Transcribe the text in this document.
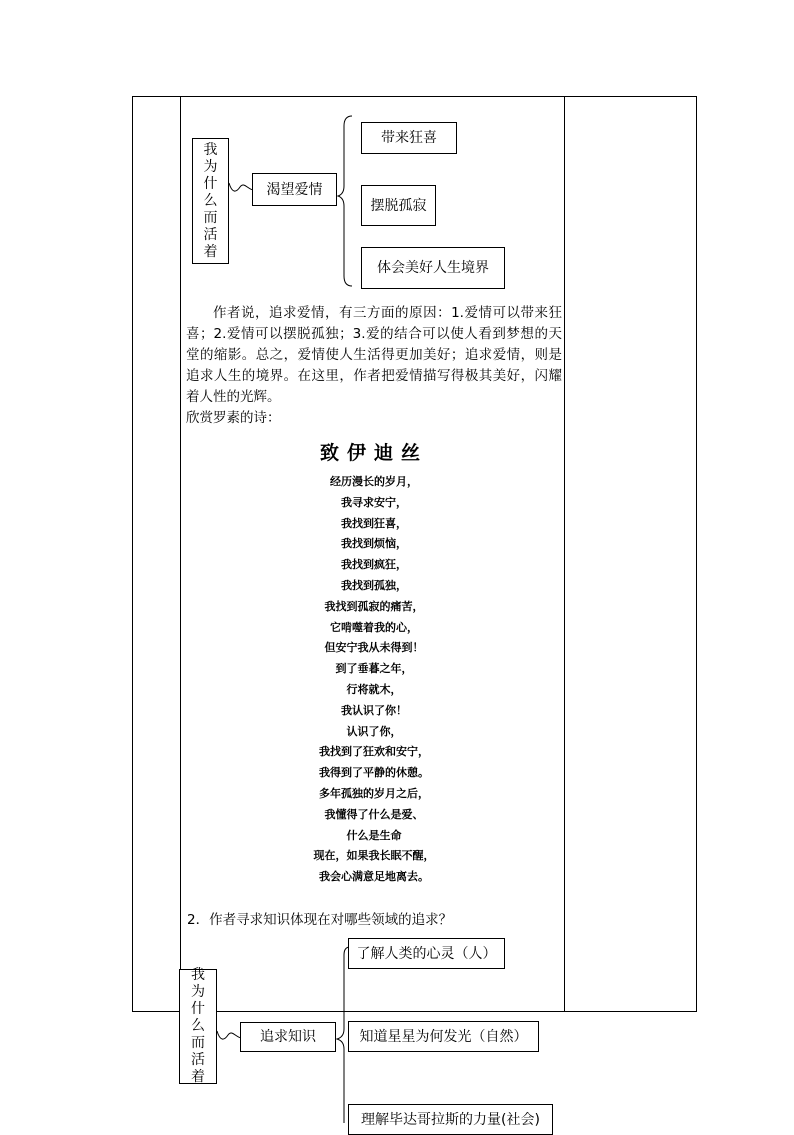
我
为
什
么
而
活
着
渴望爱情
带来狂喜
摆脱孤寂
体会美好人生境界
作者说，追求爱情，有三方面的原因：1.爱情可以带来狂喜；2.爱情可以摆脱孤独；3.爱的结合可以使人看到梦想的天堂的缩影。总之，爱情使人生活得更加美好；追求爱情，则是追求人生的境界。在这里，作者把爱情描写得极其美好，闪耀着人性的光辉。
欣赏罗素的诗：
致伊迪丝
经历漫长的岁月，
我寻求安宁，
我找到狂喜，
我找到烦恼，
我找到疯狂，
我找到孤独，
我找到孤寂的痛苦，
它啃噬着我的心，
但安宁我从未得到！
到了垂暮之年，
行将就木，
我认识了你！
认识了你，
我找到了狂欢和安宁，
我得到了平静的休憩。
多年孤独的岁月之后，
我懂得了什么是爱、
什么是生命
现在，如果我长眠不醒，
我会心满意足地离去。
2．作者寻求知识体现在对哪些领域的追求？
我
为
什
么
而
活
着
追求知识
了解人类的心灵（人）
知道星星为何发光（自然）
理解毕达哥拉斯的力量(社会)
